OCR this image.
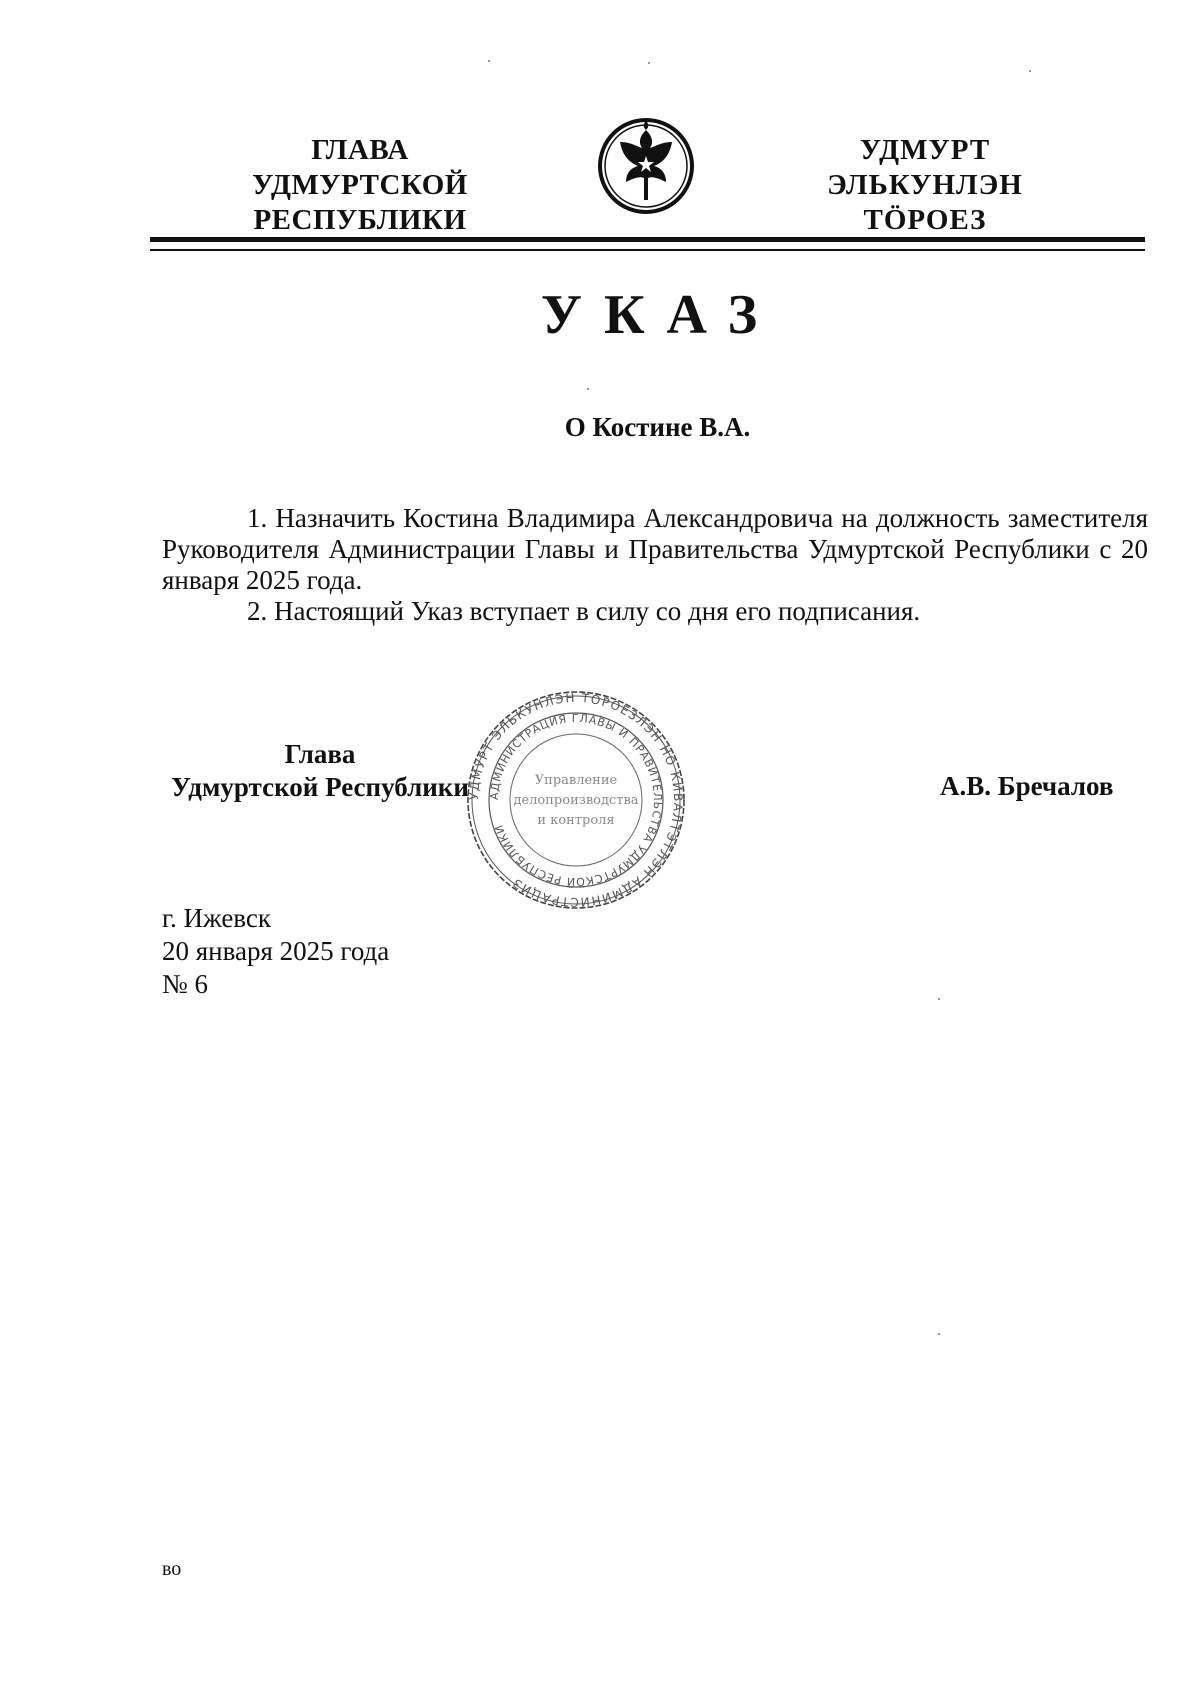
ГЛАВА
УДМУРТСКОЙ РЕСПУБЛИКИ
УДМУРТ ЭЛЬКУНЛЭН
ТÖРОЕЗ
УКАЗ
О Костине В.А.

1. Назначить Костина Владимира Александровича на должность заместителя Руководителя Администрации Главы и Правительства Удмуртской Республики с 20 января 2025 года.

2. Настоящий Указ вступает в силу со дня его подписания.

УДМУРТ ЭЛЬКУНЛЭН ТӦРОЕЗЛЭН НО КИВАЛТЭТЛЭН АДМИНИСТРАЦИЗ
АДМИНИСТРАЦИЯ ГЛАВЫ И ПРАВИТЕЛЬСТВА УДМУРТСКОЙ РЕСПУБЛИКИ
Управление
делопроизводства
и контроля
Глава
Удмуртской Республики	А.В. Бречалов
г. Ижевск
20 января 2025 года
№ 6
во
